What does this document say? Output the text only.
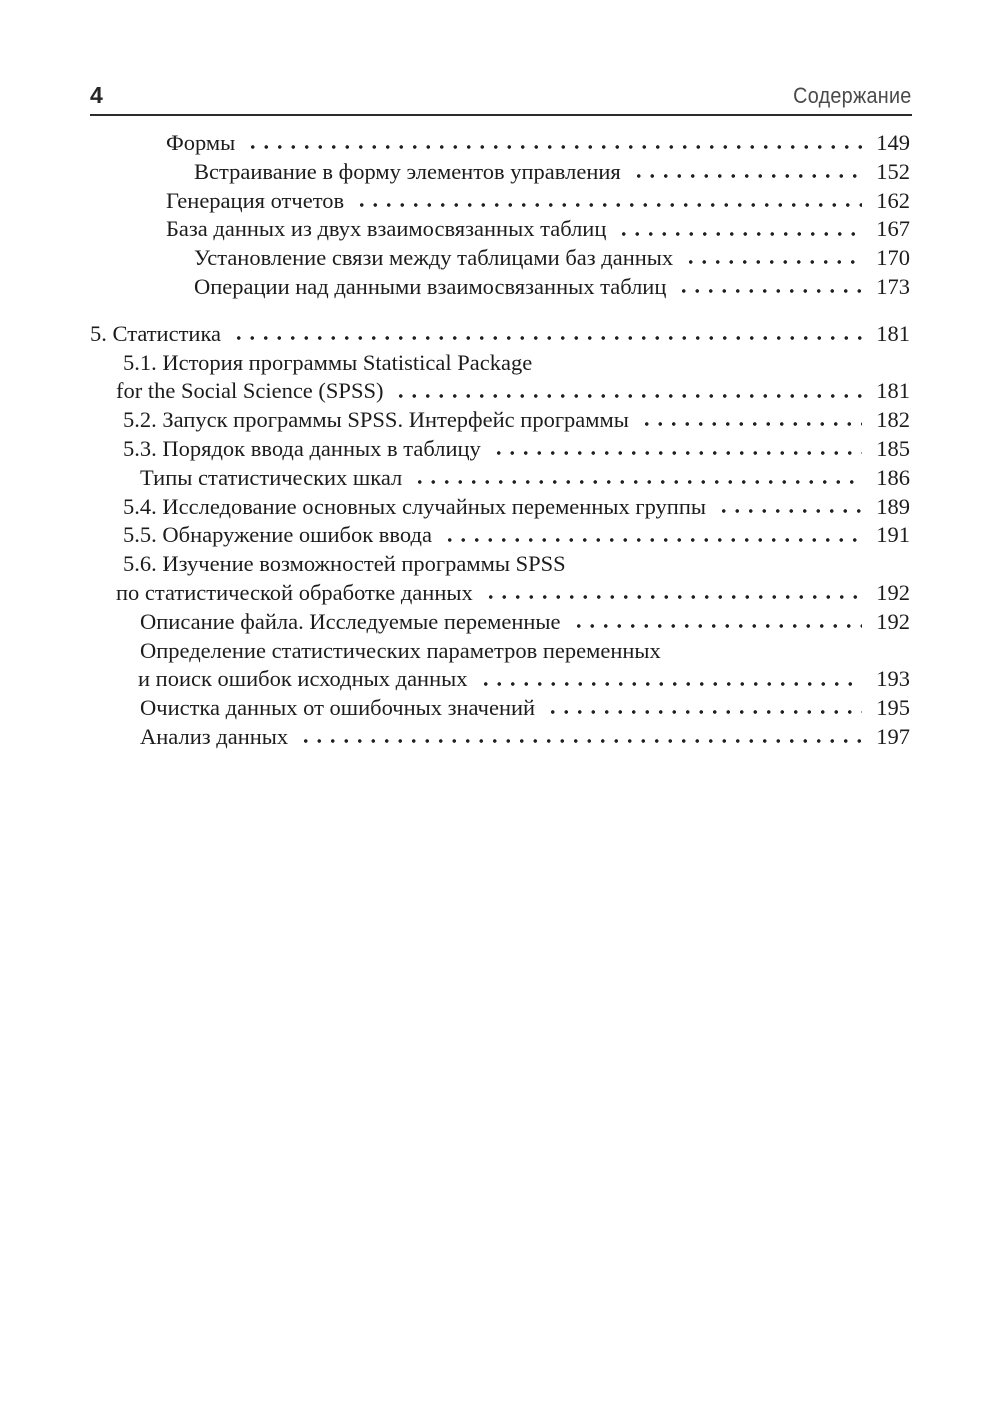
4	Содержание
Формы	149
Встраивание в форму элементов управления	152
Генерация отчетов	162
База данных из двух взаимосвязанных таблиц	167
Установление связи между таблицами баз данных	170
Операции над данными взаимосвязанных таблиц	173
5. Статистика	181
5.1. История программы Statistical Package
for the Social Science (SPSS)	181
5.2. Запуск программы SPSS. Интерфейс программы	182
5.3. Порядок ввода данных в таблицу	185
Типы статистических шкал	186
5.4. Исследование основных случайных переменных группы	189
5.5. Обнаружение ошибок ввода	191
5.6. Изучение возможностей программы SPSS
по статистической обработке данных	192
Описание файла. Исследуемые переменные	192
Определение статистических параметров переменных
и поиск ошибок исходных данных	193
Очистка данных от ошибочных значений	195
Анализ данных	197
